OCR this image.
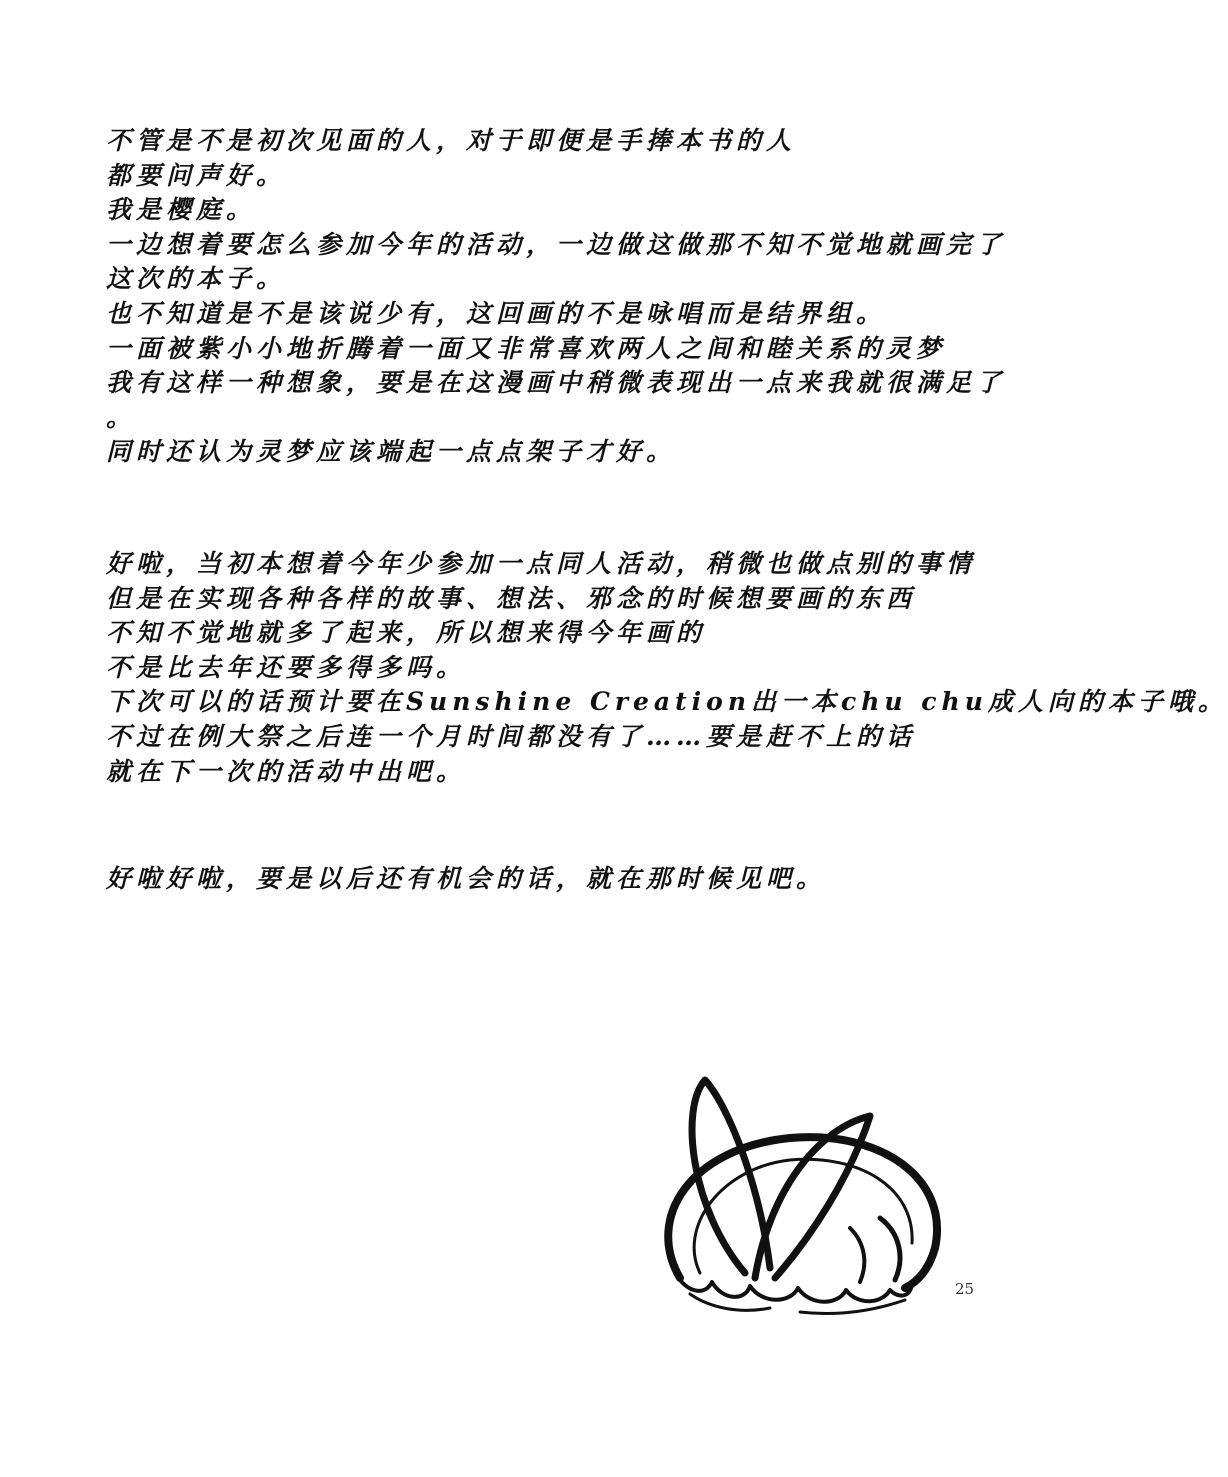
不管是不是初次见面的人，对于即便是手捧本书的人
都要问声好。
我是樱庭。
一边想着要怎么参加今年的活动，一边做这做那不知不觉地就画完了
这次的本子。
也不知道是不是该说少有，这回画的不是咏唱而是结界组。
一面被紫小小地折腾着一面又非常喜欢两人之间和睦关系的灵梦
我有这样一种想象，要是在这漫画中稍微表现出一点来我就很满足了
。
同时还认为灵梦应该端起一点点架子才好。
好啦，当初本想着今年少参加一点同人活动，稍微也做点别的事情
但是在实现各种各样的故事、想法、邪念的时候想要画的东西
不知不觉地就多了起来，所以想来得今年画的
不是比去年还要多得多吗。
下次可以的话预计要在Sunshine Creation出一本chu chu成人向的本子哦。
不过在例大祭之后连一个月时间都没有了……要是赶不上的话
就在下一次的活动中出吧。
好啦好啦，要是以后还有机会的话，就在那时候见吧。
25
